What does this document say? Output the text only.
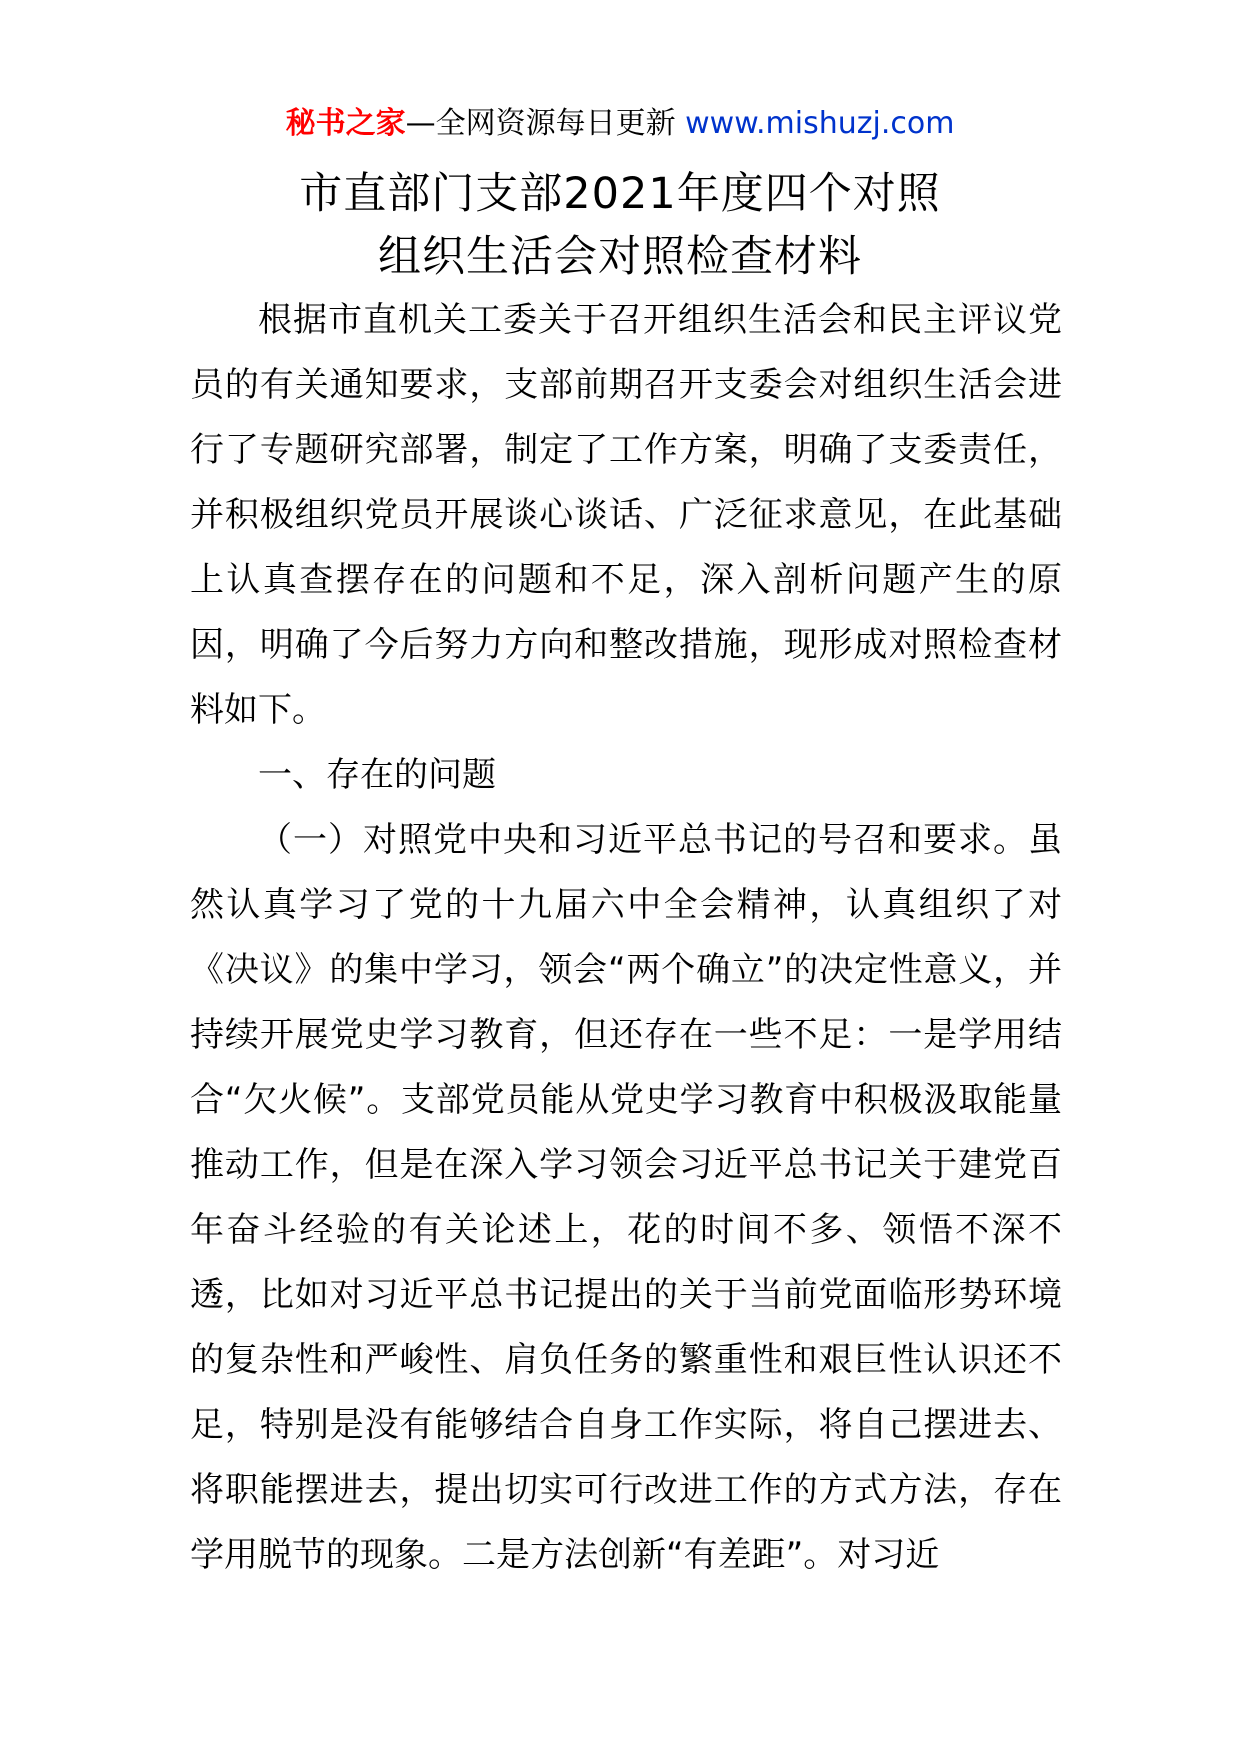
秘书之家—全网资源每日更新 www.mishuzj.com
市直部门支部2021年度四个对照
组织生活会对照检查材料

根据市直机关工委关于召开组织生活会和民主评议党员的有关通知要求，支部前期召开支委会对组织生活会进行了专题研究部署，制定了工作方案，明确了支委责任，并积极组织党员开展谈心谈话、广泛征求意见，在此基础上认真查摆存在的问题和不足，深入剖析问题产生的原因，明确了今后努力方向和整改措施，现形成对照检查材料如下。

一、存在的问题

（一）对照党中央和习近平总书记的号召和要求。虽然认真学习了党的十九届六中全会精神，认真组织了对《决议》的集中学习，领会“两个确立”的决定性意义，并持续开展党史学习教育，但还存在一些不足：一是学用结合“欠火候”。支部党员能从党史学习教育中积极汲取能量推动工作，但是在深入学习领会习近平总书记关于建党百年奋斗经验的有关论述上，花的时间不多、领悟不深不透，比如对习近平总书记提出的关于当前党面临形势环境的复杂性和严峻性、肩负任务的繁重性和艰巨性认识还不足，特别是没有能够结合自身工作实际，将自己摆进去、将职能摆进去，提出切实可行改进工作的方式方法，存在学用脱节的现象。二是方法创新“有差距”。对习近
